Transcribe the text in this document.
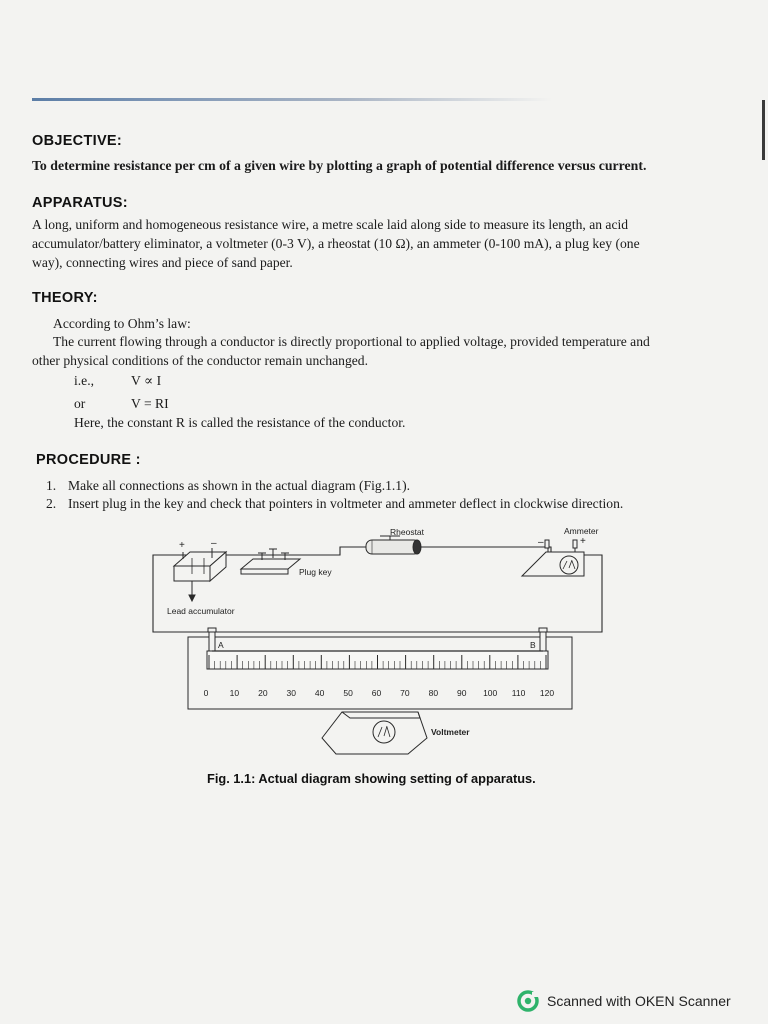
OBJECTIVE:
To determine resistance per cm of a given wire by plotting a graph of potential difference versus current.
APPARATUS:
A long, uniform and homogeneous resistance wire, a metre scale laid along side to measure its length, an acid
accumulator/battery eliminator, a voltmeter (0-3 V), a rheostat (10 Ω), an ammeter (0-100 mA), a plug key (one
way), connecting wires and piece of sand paper.
THEORY:
According to Ohm’s law:
The current flowing through a conductor is directly proportional to applied voltage, provided temperature and
other physical conditions of the conductor remain unchanged.
i.e.,	V ∝ I
or	V = RI
Here, the constant R is called the resistance of the conductor.
PROCEDURE :
1. Make all connections as shown in the actual diagram (Fig.1.1).
2. Insert plug in the key and check that pointers in voltmeter and ammeter deflect in clockwise direction.
Rheostat	Ammeter
Plug key
Lead accumulator
Voltmeter
A	B
+	–	–	+
0	10	20	30	40	50	60	70	80	90	100	110	120
Fig. 1.1: Actual diagram showing setting of apparatus.
Scanned with OKEN Scanner
